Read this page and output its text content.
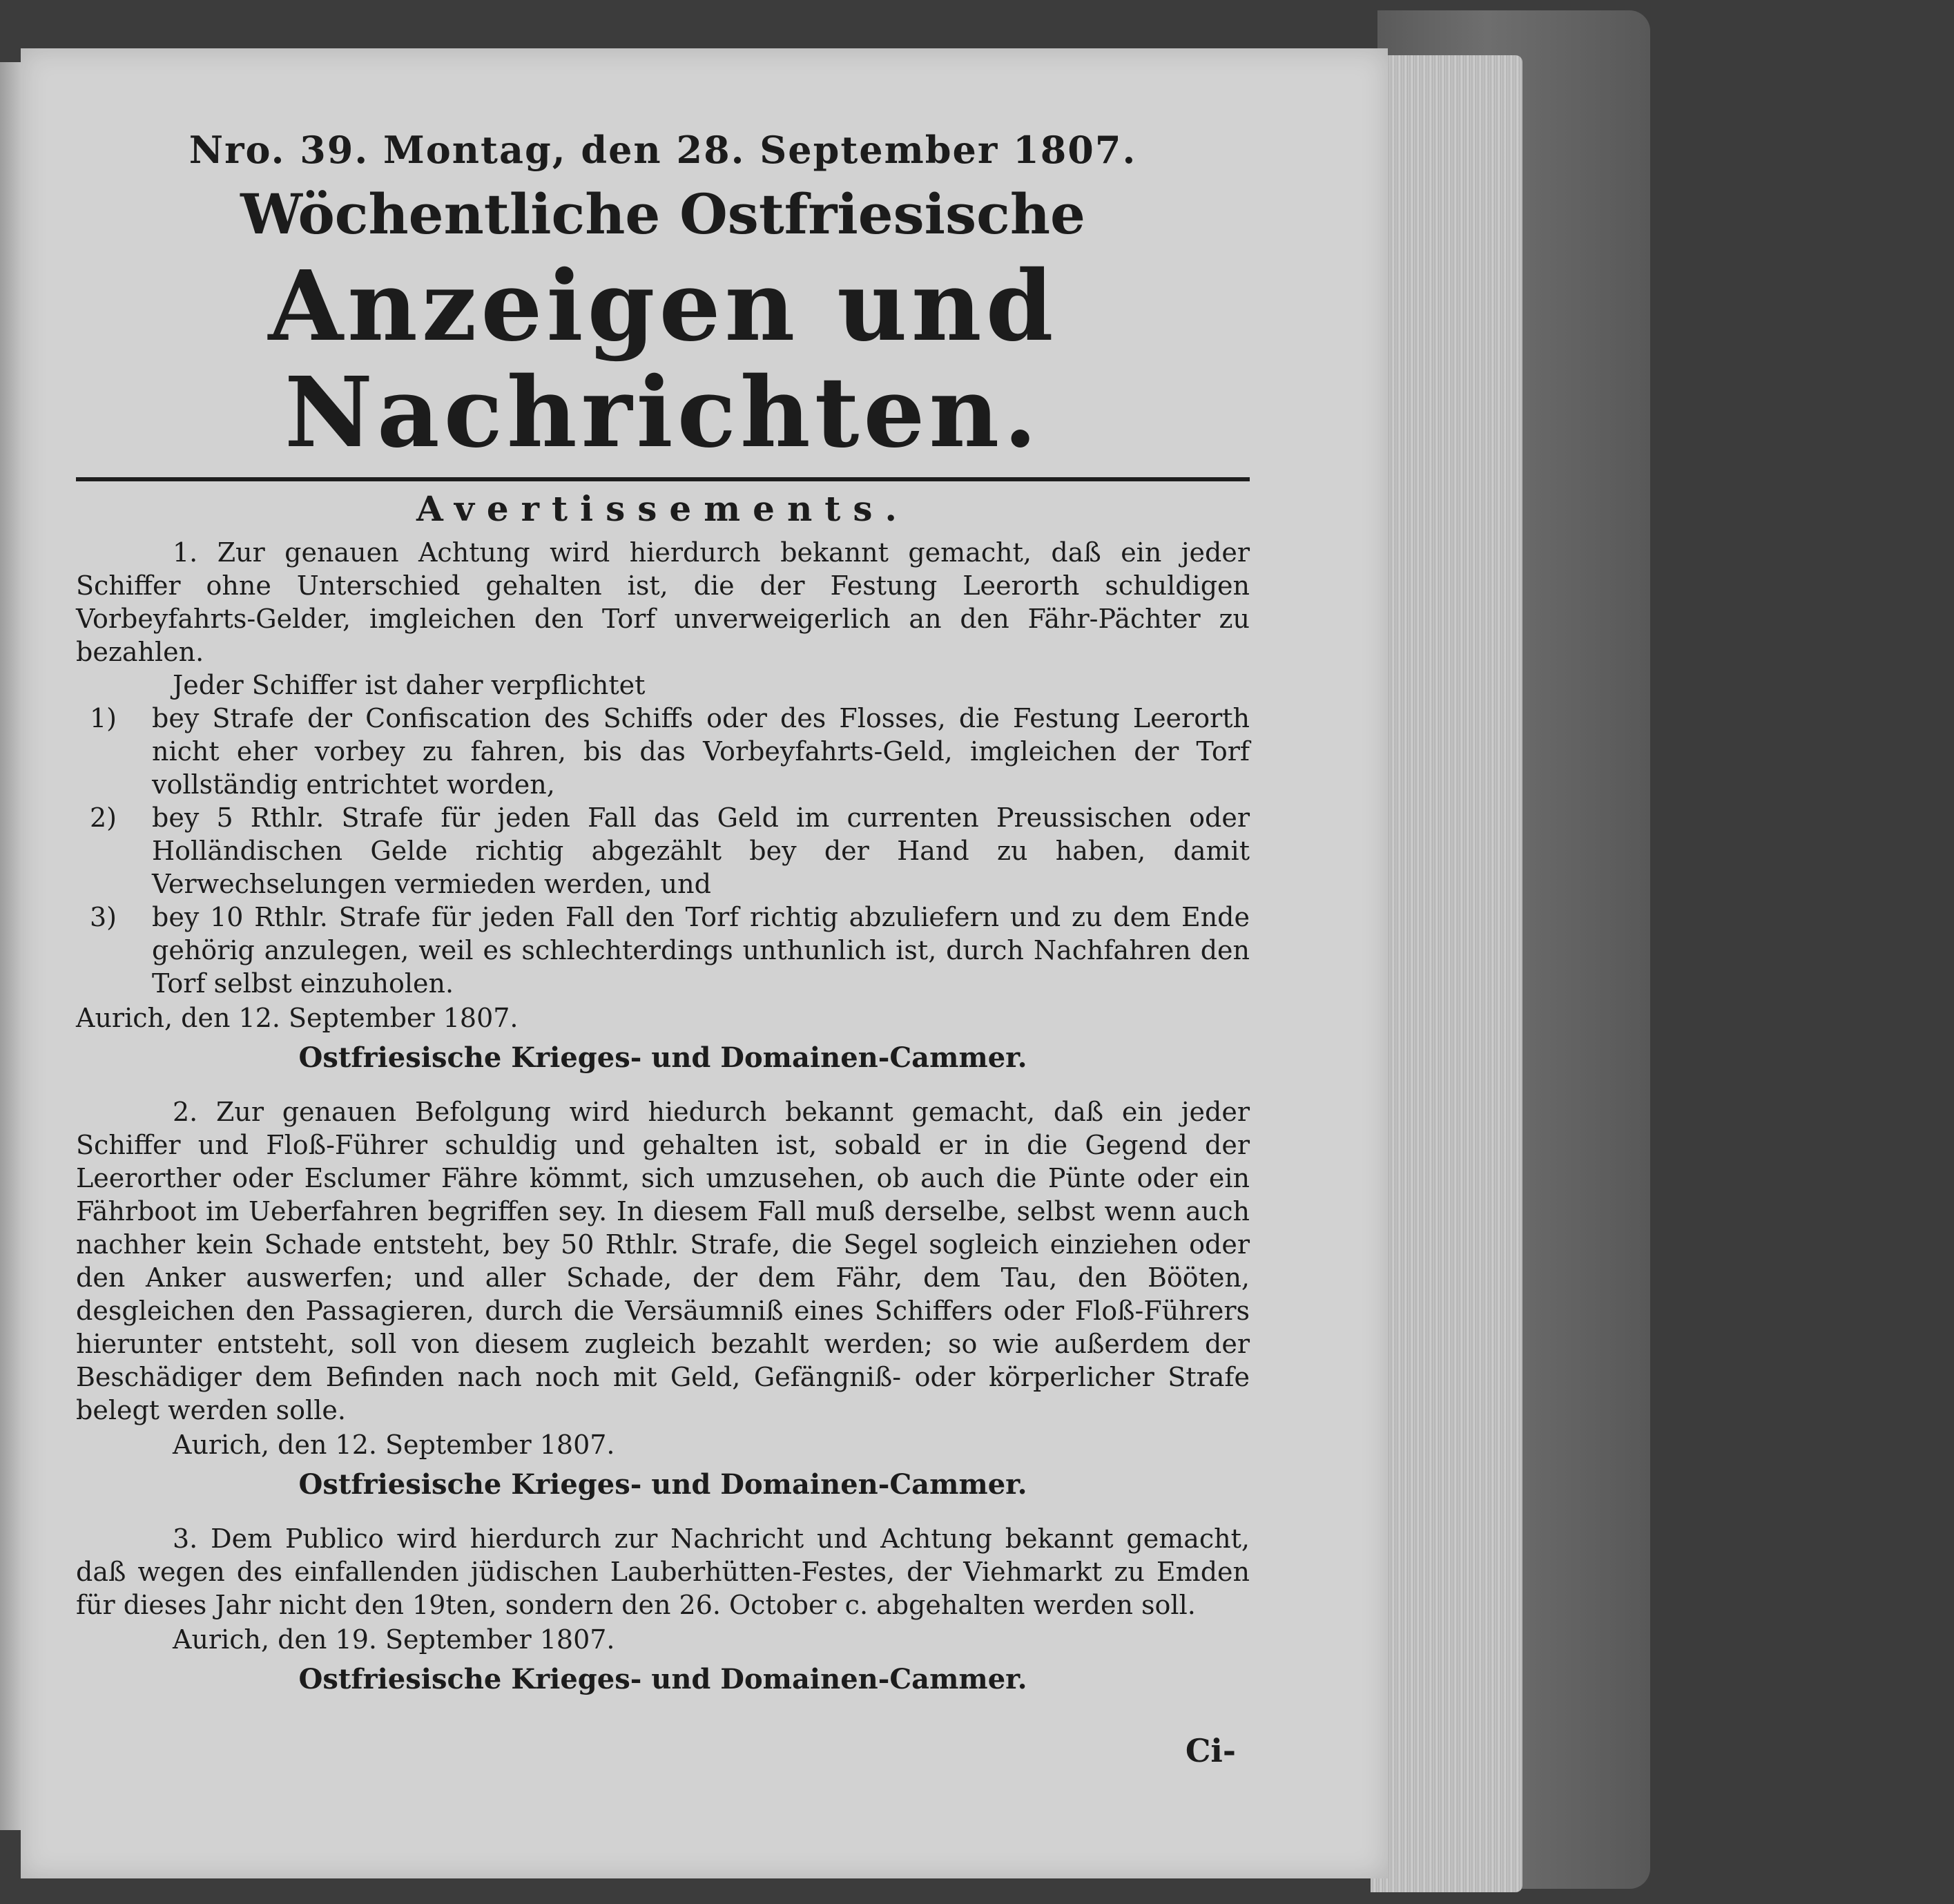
Nro. 39. Montag, den 28. September 1807.
Wöchentliche Ostfriesische
Anzeigen und Nachrichten.
Avertissements.

1. Zur genauen Achtung wird hierdurch bekannt gemacht, daß ein jeder Schiffer ohne Unterschied gehalten ist, die der Festung Leerorth schuldigen Vorbeyfahrts-Gelder, imgleichen den Torf unverweigerlich an den Fähr-Pächter zu bezahlen.

Jeder Schiffer ist daher verpflichtet

1)	bey Strafe der Confiscation des Schiffs oder des Flosses, die Festung Leerorth nicht eher vorbey zu fahren, bis das Vorbeyfahrts-Geld, imgleichen der Torf vollständig entrichtet worden,
2)	bey 5 Rthlr. Strafe für jeden Fall das Geld im currenten Preussischen oder Holländischen Gelde richtig abgezählt bey der Hand zu haben, damit Verwechselungen vermieden werden, und
3)	bey 10 Rthlr. Strafe für jeden Fall den Torf richtig abzuliefern und zu dem Ende gehörig anzulegen, weil es schlechterdings unthunlich ist, durch Nachfahren den Torf selbst einzuholen.
Aurich, den 12. September 1807.
Ostfriesische Krieges- und Domainen-Cammer.

2. Zur genauen Befolgung wird hiedurch bekannt gemacht, daß ein jeder Schiffer und Floß-Führer schuldig und gehalten ist, sobald er in die Gegend der Leerorther oder Esclumer Fähre kömmt, sich umzusehen, ob auch die Pünte oder ein Fährboot im Ueberfahren begriffen sey. In diesem Fall muß derselbe, selbst wenn auch nachher kein Schade entsteht, bey 50 Rthlr. Strafe, die Segel sogleich einziehen oder den Anker auswerfen; und aller Schade, der dem Fähr, dem Tau, den Bööten, desgleichen den Passagieren, durch die Versäumniß eines Schiffers oder Floß-Führers hierunter entsteht, soll von diesem zugleich bezahlt werden; so wie außerdem der Beschädiger dem Befinden nach noch mit Geld, Gefängniß- oder körperlicher Strafe belegt werden solle.

Aurich, den 12. September 1807.
Ostfriesische Krieges- und Domainen-Cammer.

3. Dem Publico wird hierdurch zur Nachricht und Achtung bekannt gemacht, daß wegen des einfallenden jüdischen Lauberhütten-Festes, der Viehmarkt zu Emden für dieses Jahr nicht den 19ten, sondern den 26. October c. abgehalten werden soll.

Aurich, den 19. September 1807.
Ostfriesische Krieges- und Domainen-Cammer.
Ci-
